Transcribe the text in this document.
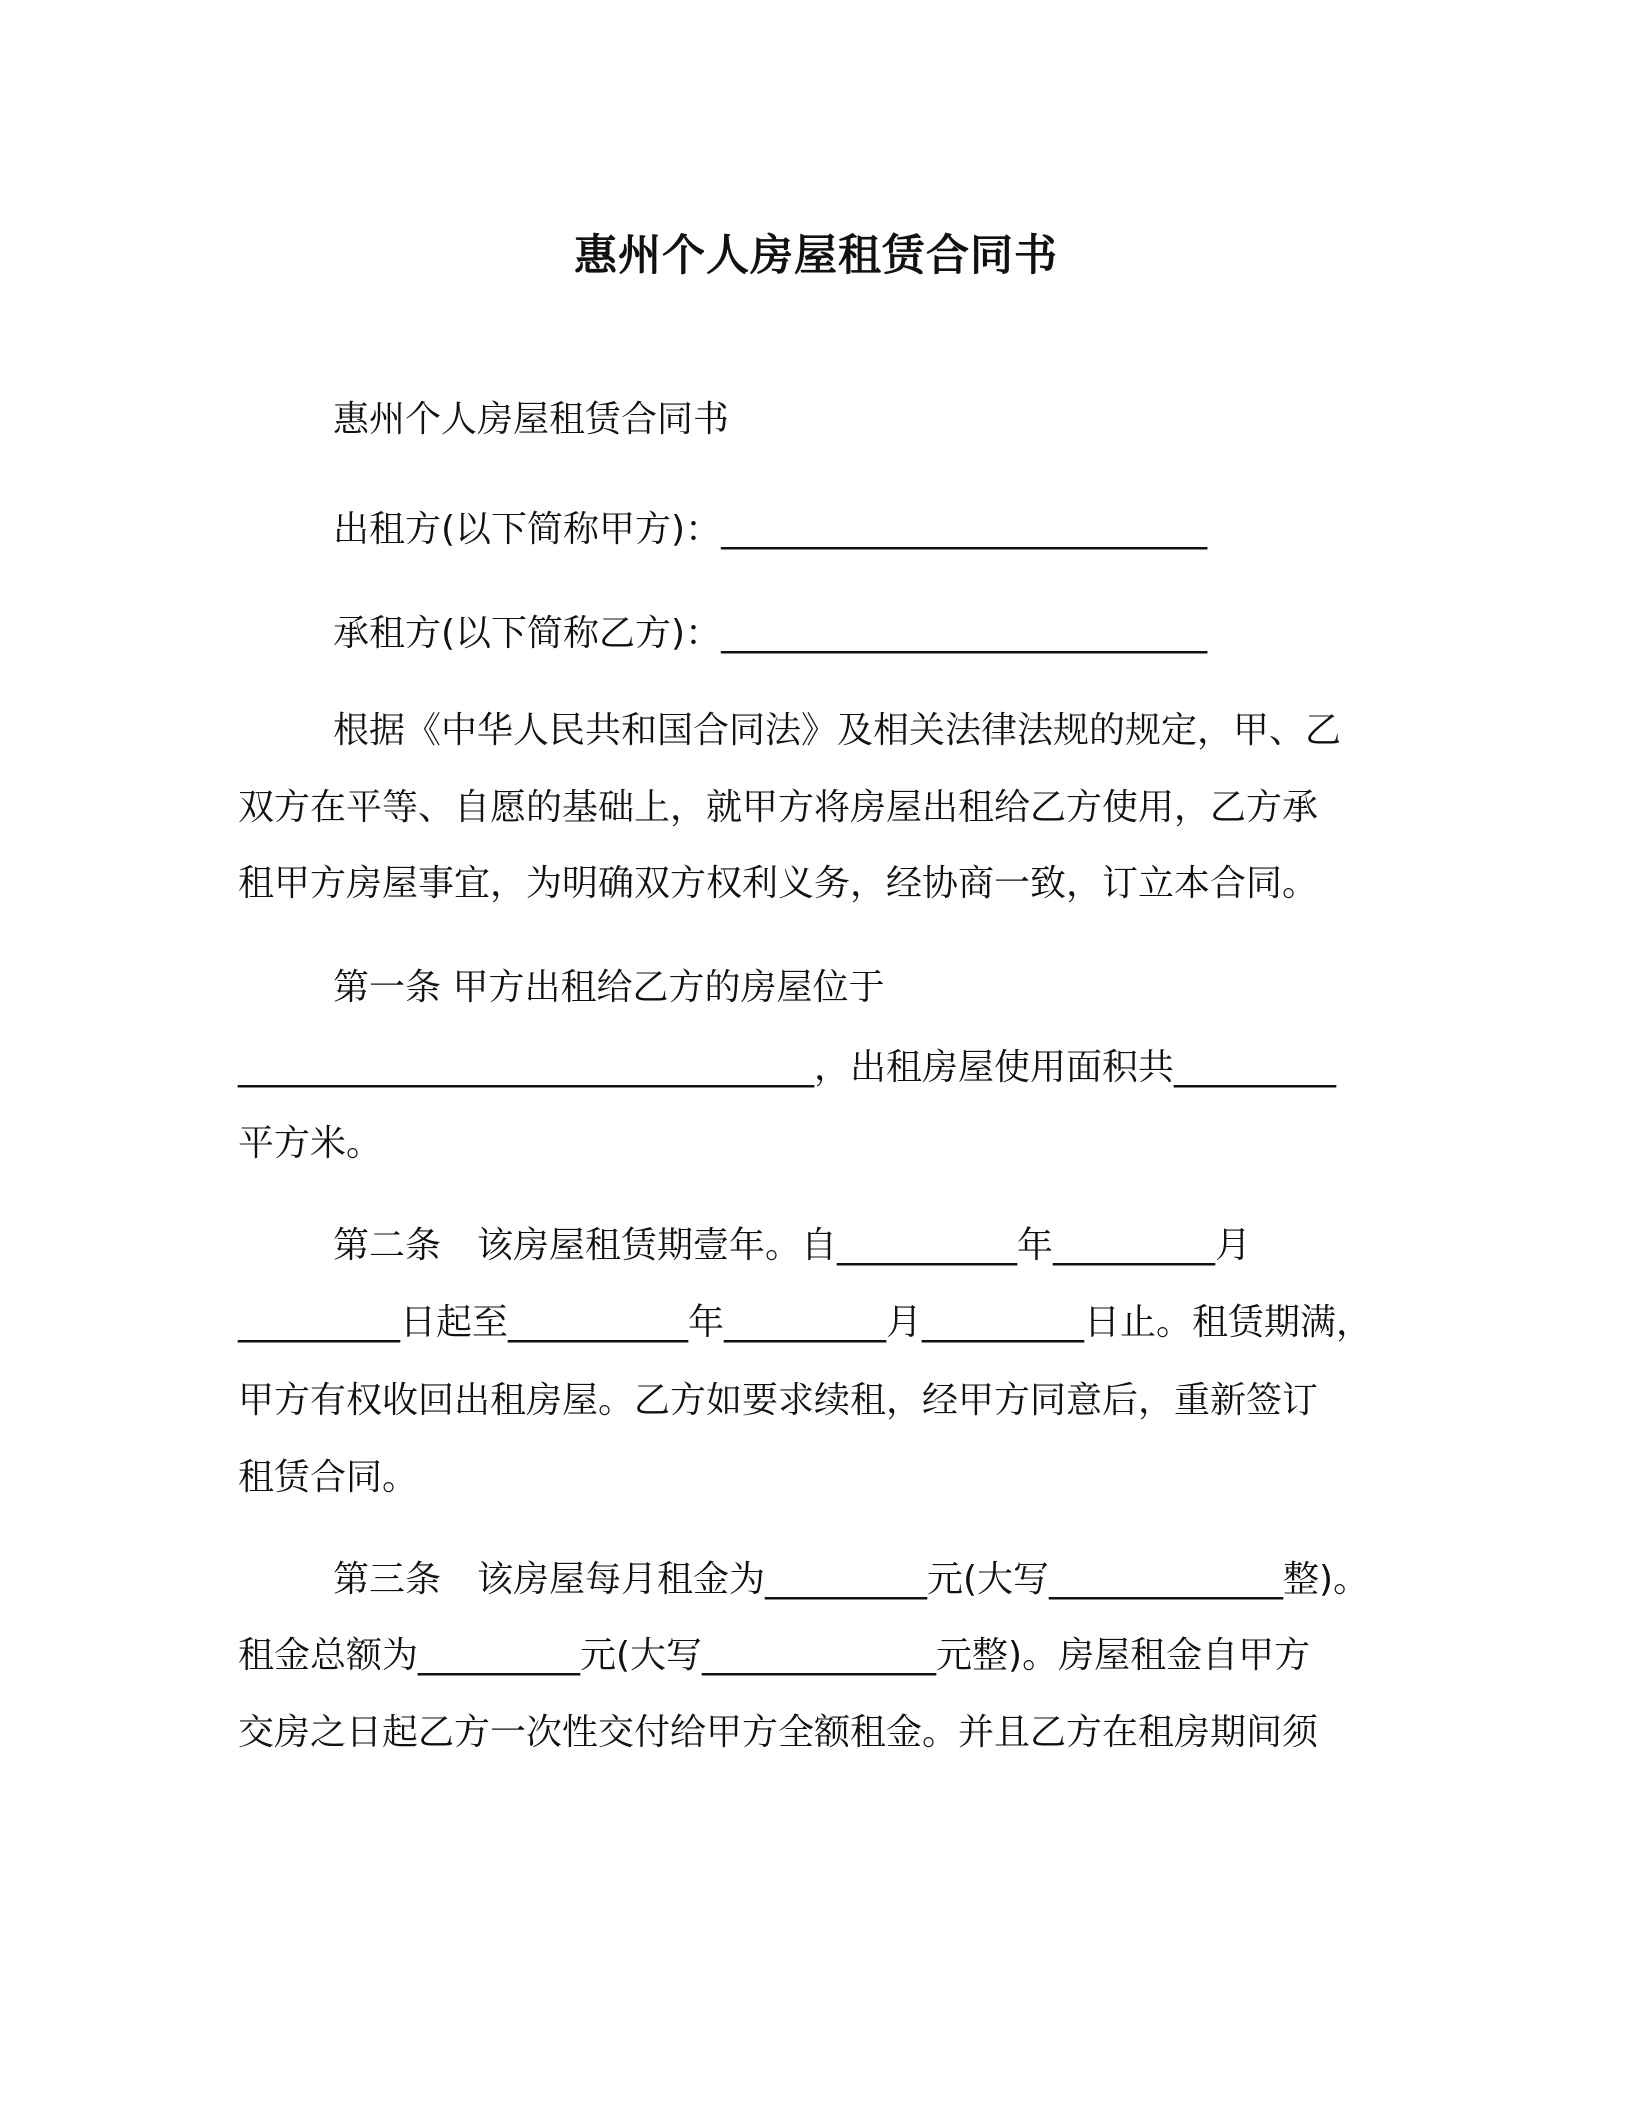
惠州个人房屋租赁合同书
惠州个人房屋租赁合同书
出租方(以下简称甲方)：___________________________
承租方(以下简称乙方)：___________________________
根据《中华人民共和国合同法》及相关法律法规的规定，甲、乙
双方在平等、自愿的基础上，就甲方将房屋出租给乙方使用，乙方承
租甲方房屋事宜，为明确双方权利义务，经协商一致，订立本合同。
第一条 甲方出租给乙方的房屋位于
________________________________，出租房屋使用面积共_________
平方米。
第二条　该房屋租赁期壹年。自__________年_________月
_________日起至__________年_________月_________日止。租赁期满，
甲方有权收回出租房屋。乙方如要求续租，经甲方同意后，重新签订
租赁合同。
第三条　该房屋每月租金为_________元(大写_____________整)。
租金总额为_________元(大写_____________元整)。房屋租金自甲方
交房之日起乙方一次性交付给甲方全额租金。并且乙方在租房期间须
